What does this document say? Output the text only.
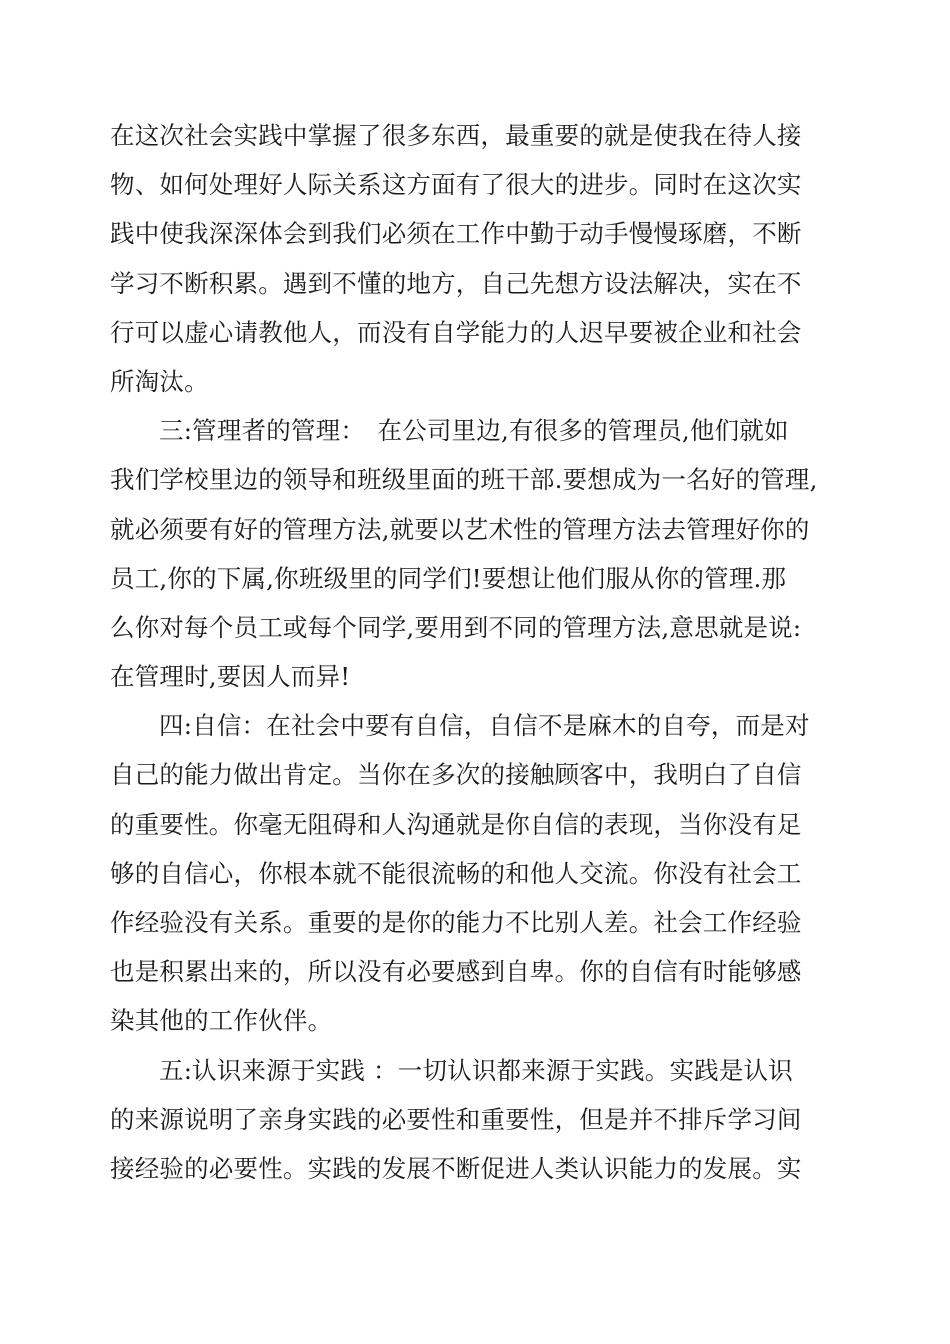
在这次社会实践中掌握了很多东西，最重要的就是使我在待人接
物、如何处理好人际关系这方面有了很大的进步。同时在这次实
践中使我深深体会到我们必须在工作中勤于动手慢慢琢磨，不断
学习不断积累。遇到不懂的地方，自己先想方设法解决，实在不
行可以虚心请教他人，而没有自学能力的人迟早要被企业和社会
所淘汰。
三:管理者的管理：　在公司里边,有很多的管理员,他们就如
我们学校里边的领导和班级里面的班干部.要想成为一名好的管理,
就必须要有好的管理方法,就要以艺术性的管理方法去管理好你的
员工,你的下属,你班级里的同学们!要想让他们服从你的管理.那
么你对每个员工或每个同学,要用到不同的管理方法,意思就是说:
在管理时,要因人而异!
四:自信：在社会中要有自信，自信不是麻木的自夸，而是对
自己的能力做出肯定。当你在多次的接触顾客中，我明白了自信
的重要性。你毫无阻碍和人沟通就是你自信的表现，当你没有足
够的自信心，你根本就不能很流畅的和他人交流。你没有社会工
作经验没有关系。重要的是你的能力不比别人差。社会工作经验
也是积累出来的，所以没有必要感到自卑。你的自信有时能够感
染其他的工作伙伴。
五:认识来源于实践 ：一切认识都来源于实践。实践是认识
的来源说明了亲身实践的必要性和重要性，但是并不排斥学习间
接经验的必要性。实践的发展不断促进人类认识能力的发展。实
